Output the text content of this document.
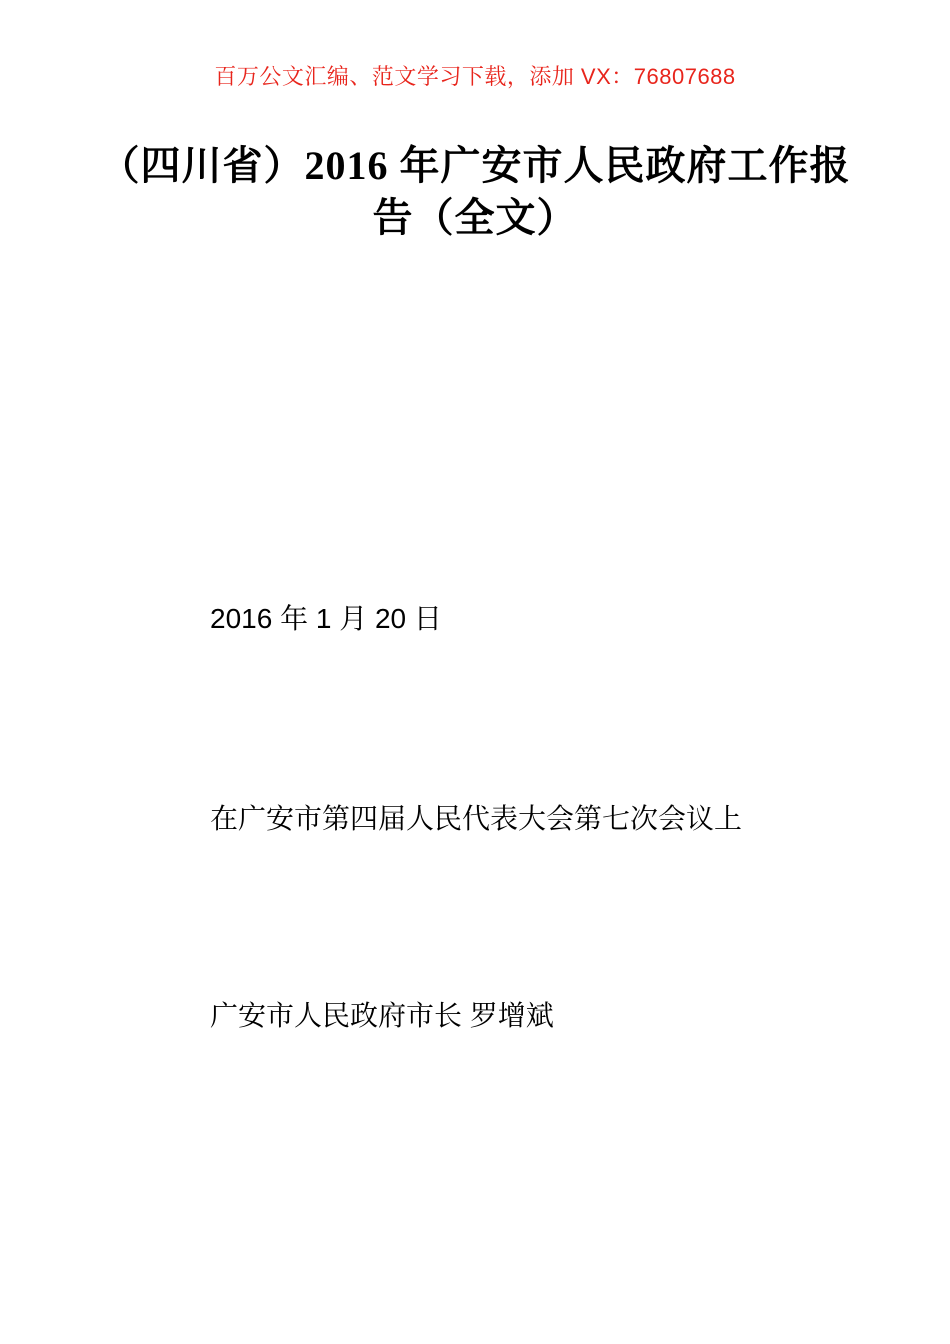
百万公文汇编、范文学习下载，添加 VX：76807688
（四川省）2016 年广安市人民政府工作报
告（全文）

2016 年 1 月 20 日

在广安市第四届人民代表大会第七次会议上

广安市人民政府市长 罗增斌
